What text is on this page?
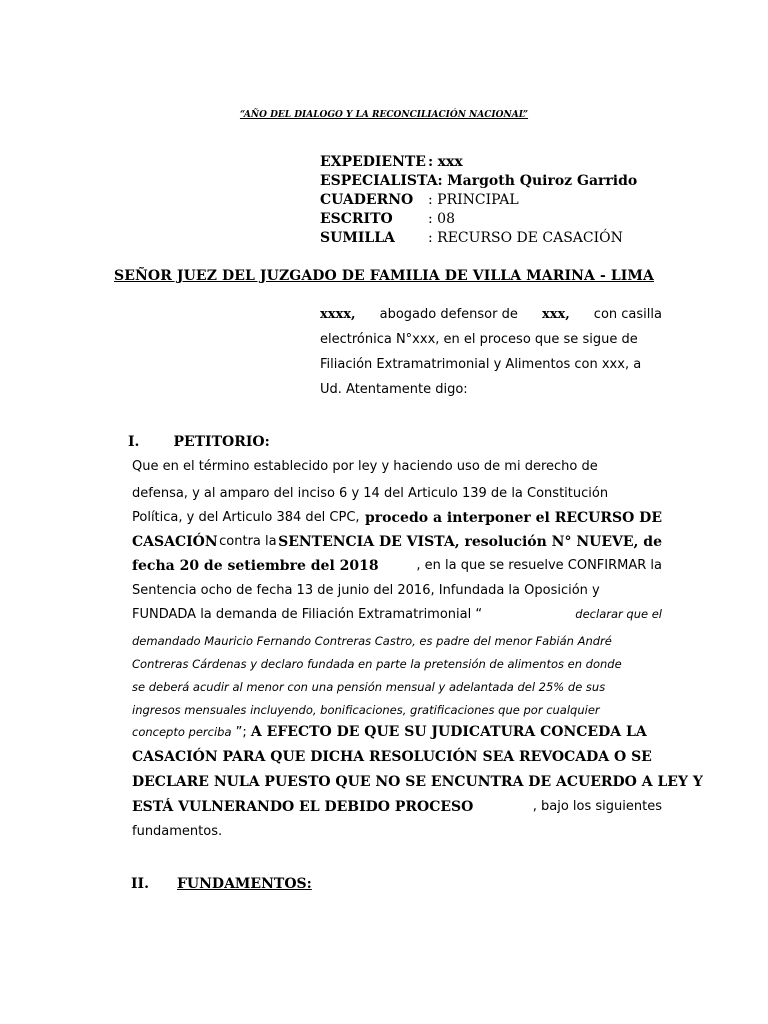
“AÑO DEL DIALOGO Y LA RECONCILIACIÓN NACIONAL”
EXPEDIENTE : xxx
ESPECIALISTA: Margoth Quiroz Garrido
CUADERNO : PRINCIPAL
ESCRITO	: 08
SUMILLA : RECURSO DE CASACIÓN
SEÑOR JUEZ DEL JUZGADO DE FAMILIA DE VILLA MARINA - LIMA
xxxx, abogado defensor de xxx, con casilla
electrónica N°xxx, en el proceso que se sigue de
Filiación Extramatrimonial y Alimentos con xxx, a
Ud. Atentamente digo:
I. PETITORIO:
Que en el término establecido por ley y haciendo uso de mi derecho de
defensa, y al amparo del inciso 6 y 14 del Articulo 139 de la Constitución
Política, y del Articulo 384 del CPC, procedo a interponer el RECURSO DE
CASACIÓN contra la SENTENCIA DE VISTA, resolución N° NUEVE, de
fecha 20 de setiembre del 2018	, en la que se resuelve CONFIRMAR la
Sentencia ocho de fecha 13 de junio del 2016, Infundada la Oposición y
FUNDADA la demanda de Filiación Extramatrimonial “	declarar que el
demandado Mauricio Fernando Contreras Castro, es padre del menor Fabián André
Contreras Cárdenas y declaro fundada en parte la pretensión de alimentos en donde
se deberá acudir al menor con una pensión mensual y adelantada del 25% de sus
ingresos mensuales incluyendo, bonificaciones, gratificaciones que por cualquier
concepto perciba ”; A EFECTO DE QUE SU JUDICATURA CONCEDA LA
CASACIÓN PARA QUE DICHA RESOLUCIÓN SEA REVOCADA O SE
DECLARE NULA PUESTO QUE NO SE ENCUNTRA DE ACUERDO A LEY Y
ESTÁ VULNERANDO EL DEBIDO PROCESO	, bajo los siguientes
fundamentos.
II. FUNDAMENTOS:
